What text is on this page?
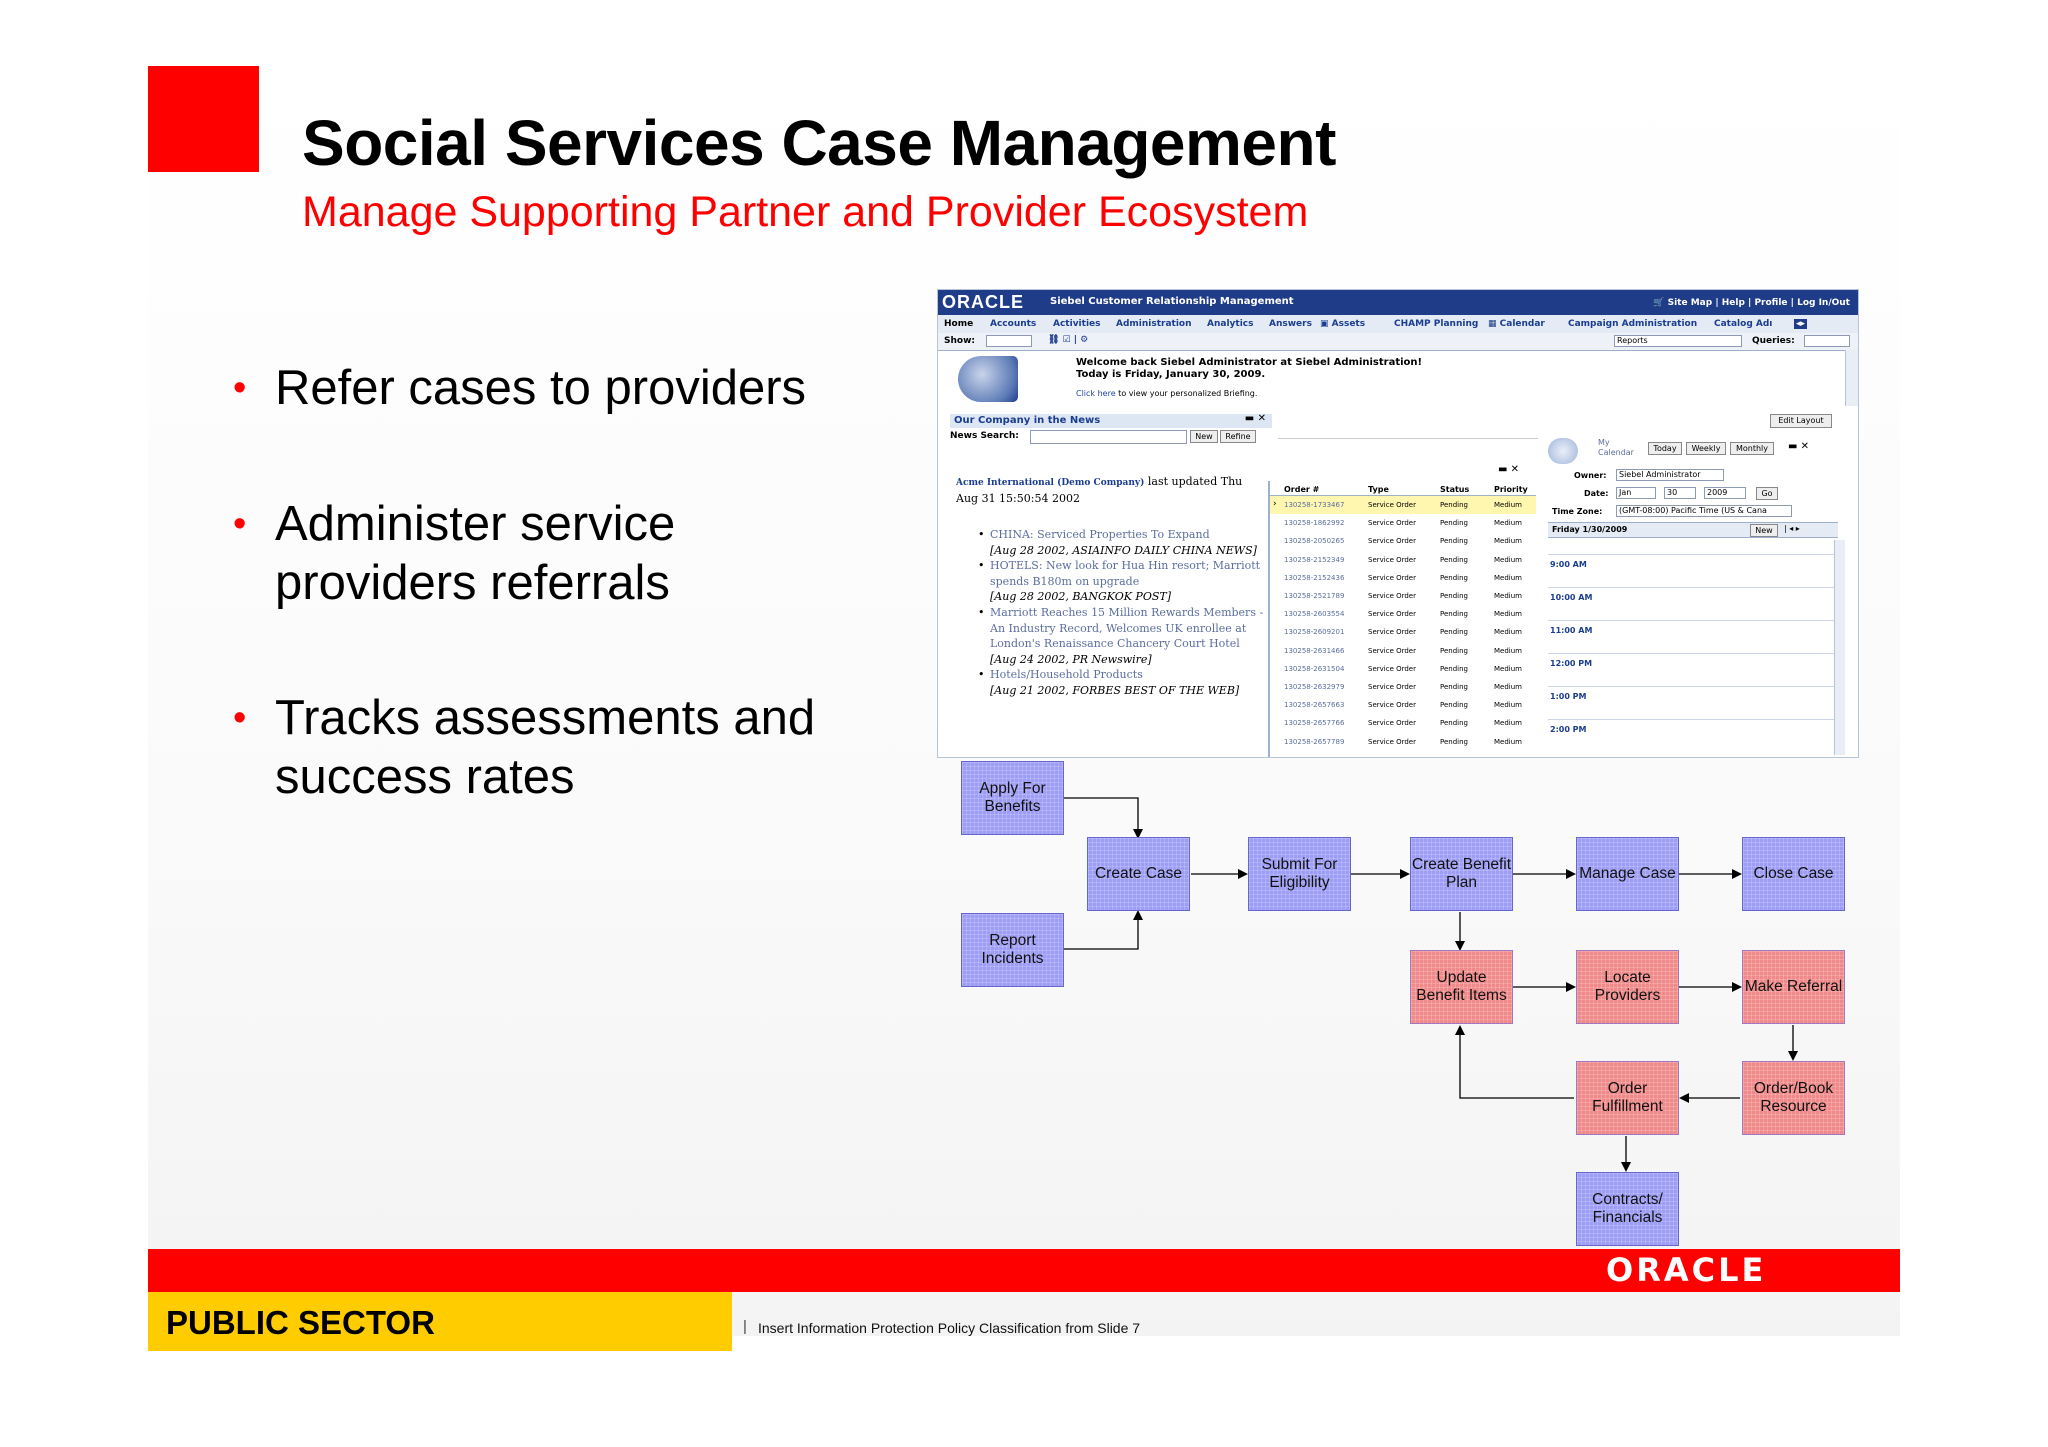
Social Services Case Management
Manage Supporting Partner and Provider Ecosystem
• Refer cases to providers
• Administer service
providers referrals
• Tracks assessments and
success rates
ORACLE	Siebel Customer Relationship Management	🛒 Site Map | Help | Profile | Log In/Out
Home Accounts Activities Administration Analytics Answers ▣ Assets	CHAMP Planning ▦ Calendar	Campaign Administration Catalog Adı	◂▸
Show:	⛓ ☑ | ⚙	Reports	Queries:
Welcome back Siebel Administrator at Siebel Administration!
Today is Friday, January 30, 2009.
Click here to view your personalized Briefing.
Edit Layout
Our Company in the News	▬ ✕
News Search:	New	Refine
Acme International (Demo Company) last updated Thu Aug 31 15:50:54 2002
• CHINA: Serviced Properties To Expand
[Aug 28 2002, ASIAINFO DAILY CHINA NEWS]
• HOTELS: New look for Hua Hin resort; Marriott spends B180m on upgrade
[Aug 28 2002, BANGKOK POST]
• Marriott Reaches 15 Million Rewards Members - An Industry Record, Welcomes UK enrollee at London's Renaissance Chancery Court Hotel
[Aug 24 2002, PR Newswire]
• Hotels/Household Products
[Aug 21 2002, FORBES BEST OF THE WEB]
▬ ✕
Order #	Type	Status	Priority
› 130258-1733467	Service Order	Pending	Medium
130258-1862992	Service Order	Pending	Medium
130258-2050265	Service Order	Pending	Medium
130258-2152349	Service Order	Pending	Medium
130258-2152436	Service Order	Pending	Medium
130258-2521789	Service Order	Pending	Medium
130258-2603554	Service Order	Pending	Medium
130258-2609201	Service Order	Pending	Medium
130258-2631466	Service Order	Pending	Medium
130258-2631504	Service Order	Pending	Medium
130258-2632979	Service Order	Pending	Medium
130258-2657663	Service Order	Pending	Medium
130258-2657766	Service Order	Pending	Medium
130258-2657789	Service Order	Pending	Medium
My Calendar	Today	Weekly	Monthly	▬ ✕
Owner:	Siebel Administrator
Date:	Jan	30	2009	Go
Time Zone:	(GMT-08:00) Pacific Time (US & Cana
Friday 1/30/2009	New	| ◂ ▸
9:00 AM
10:00 AM
11:00 AM
12:00 PM
1:00 PM
2:00 PM
Apply For Benefits
Report Incidents
Create Case
Submit For Eligibility
Create Benefit Plan
Manage Case	Close Case
Update Benefit Items
Locate Providers
Make Referral
Order Fulfillment
Order/Book Resource
Contracts/ Financials
ORACLE
PUBLIC SECTOR	| Insert Information Protection Policy Classification from Slide 7
